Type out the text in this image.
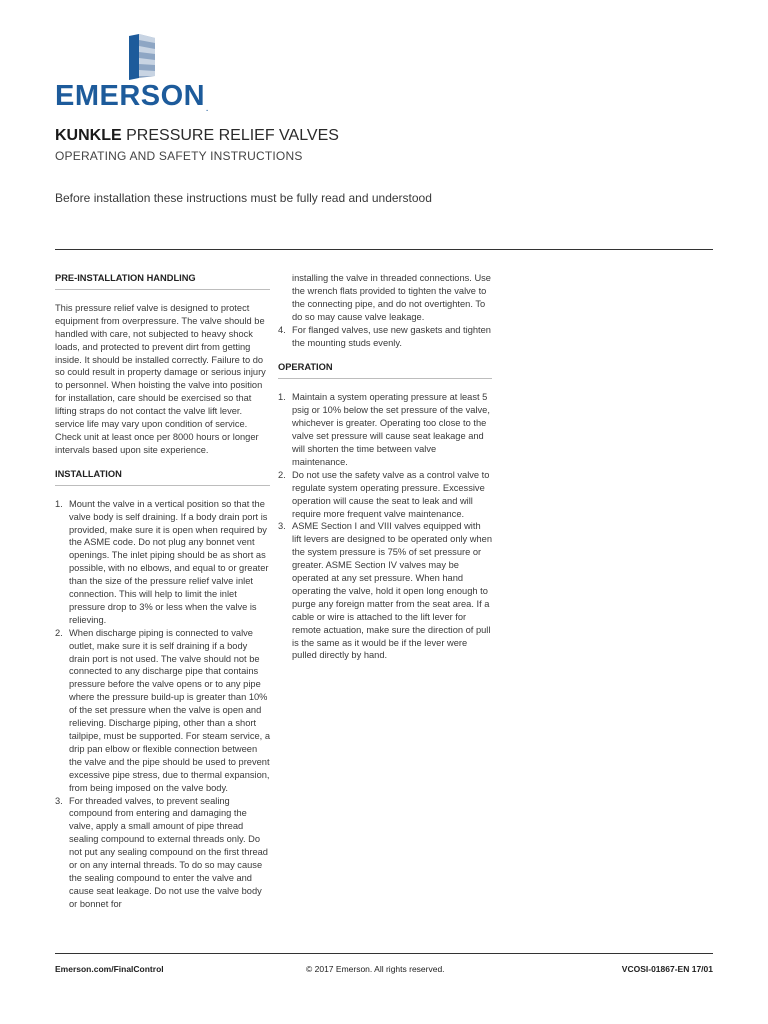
EMERSON.
KUNKLE PRESSURE RELIEF VALVES
OPERATING AND SAFETY INSTRUCTIONS
Before installation these instructions must be fully read and understood
PRE-INSTALLATION HANDLING

This pressure relief valve is designed to protect equipment from overpressure. The valve should be handled with care, not subjected to heavy shock loads, and protected to prevent dirt from getting inside. It should be installed correctly. Failure to do so could result in property damage or serious injury to personnel. When hoisting the valve into position for installation, care should be exercised so that lifting straps do not contact the valve lift lever. service life may vary upon condition of service. Check unit at least once per 8000 hours or longer intervals based upon site experience.

INSTALLATION
1. Mount the valve in a vertical position so that the valve body is self draining. If a body drain port is provided, make sure it is open when required by the ASME code. Do not plug any bonnet vent openings. The inlet piping should be as short as possible, with no elbows, and equal to or greater than the size of the pressure relief valve inlet connection. This will help to limit the inlet pressure drop to 3% or less when the valve is relieving.
2. When discharge piping is connected to valve outlet, make sure it is self draining if a body drain port is not used. The valve should not be connected to any discharge pipe that contains pressure before the valve opens or to any pipe where the pressure build-up is greater than 10% of the set pressure when the valve is open and relieving. Discharge piping, other than a short tailpipe, must be supported. For steam service, a drip pan elbow or flexible connection between the valve and the pipe should be used to prevent excessive pipe stress, due to thermal expansion, from being imposed on the valve body.
3. For threaded valves, to prevent sealing compound from entering and damaging the valve, apply a small amount of pipe thread sealing compound to external threads only. Do not put any sealing compound on the first thread or on any internal threads. To do so may cause the sealing compound to enter the valve and cause seat leakage. Do not use the valve body or bonnet for
installing the valve in threaded connections. Use the wrench flats provided to tighten the valve to the connecting pipe, and do not overtighten. To do so may cause valve leakage.
4. For flanged valves, use new gaskets and tighten the mounting studs evenly.
OPERATION
1. Maintain a system operating pressure at least 5 psig or 10% below the set pressure of the valve, whichever is greater. Operating too close to the valve set pressure will cause seat leakage and will shorten the time between valve maintenance.
2. Do not use the safety valve as a control valve to regulate system operating pressure. Excessive operation will cause the seat to leak and will require more frequent valve maintenance.
3. ASME Section I and VIII valves equipped with lift levers are designed to be operated only when the system pressure is 75% of set pressure or greater. ASME Section IV valves may be operated at any set pressure. When hand operating the valve, hold it open long enough to purge any foreign matter from the seat area. If a cable or wire is attached to the lift lever for remote actuation, make sure the direction of pull is the same as it would be if the lever were pulled directly by hand.
Emerson.com/FinalControl	© 2017 Emerson. All rights reserved.	VCOSI-01867-EN 17/01
